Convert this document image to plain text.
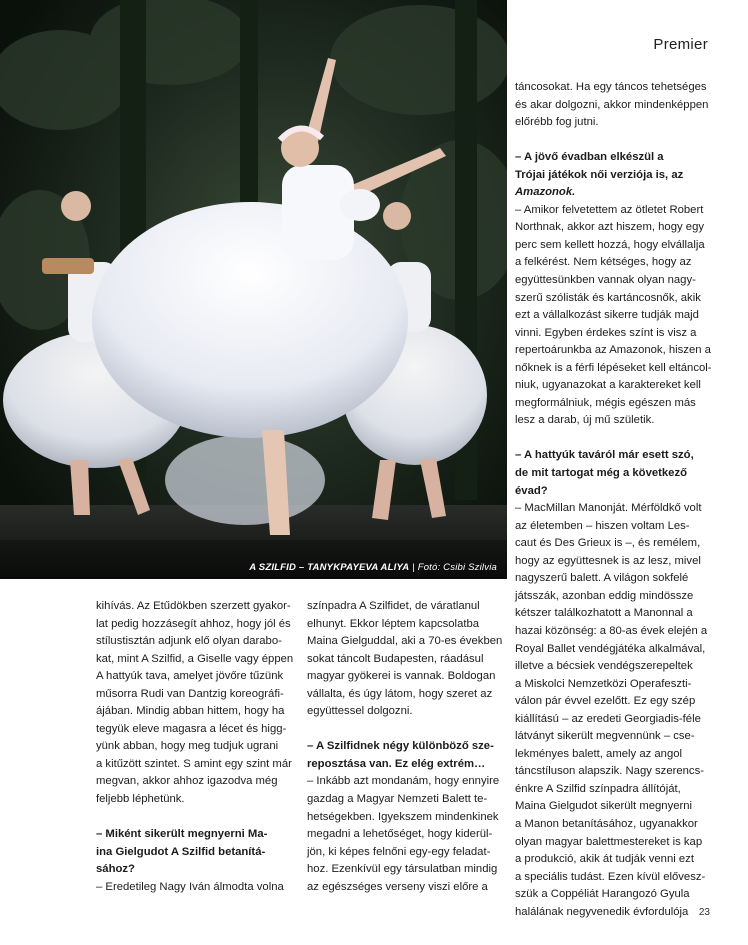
A SZILFID – TANYKPAYEVA ALIYA | Fotó: Csibi Szilvia
Premier

táncosokat. Ha egy táncos tehetséges
és akar dolgozni, akkor mindenképpen
előrébb fog jutni.

– A jövő évadban elkészül a
Trójai játékok női verziója is, az
Amazonok.

– Amikor felvetettem az ötletet Robert
Northnak, akkor azt hiszem, hogy egy
perc sem kellett hozzá, hogy elvállalja
a felkérést. Nem kétséges, hogy az
együttesünkben vannak olyan nagy-
szerű szólisták és kartáncosnők, akik
ezt a vállalkozást sikerre tudják majd
vinni. Egyben érdekes színt is visz a
repertoárunkba az Amazonok, hiszen a
nőknek is a férfi lépéseket kell eltáncol-
niuk, ugyanazokat a karaktereket kell
megformálniuk, mégis egészen más
lesz a darab, új mű születik.

– A hattyúk taváról már esett szó,
de mit tartogat még a következő
évad?

– MacMillan Manonját. Mérföldkő volt
az életemben – hiszen voltam Les-
caut és Des Grieux is –, és remélem,
hogy az együttesnek is az lesz, mivel
nagyszerű balett. A világon sokfelé
játsszák, azonban eddig mindössze
kétszer találkozhatott a Manonnal a
hazai közönség: a 80-as évek elején a
Royal Ballet vendégjátéka alkalmával,
illetve a bécsiek vendégszerepeltek
a Miskolci Nemzetközi Operafeszti-
válon pár évvel ezelőtt. Ez egy szép
kiállítású – az eredeti Georgiadis-féle
látványt sikerült megvennünk – cse-
lekményes balett, amely az angol
táncstíluson alapszik. Nagy szerencs-
énkre A Szilfid színpadra állítóját,
Maina Gielgudot sikerült megnyerni
a Manon betanításához, ugyanakkor
olyan magyar balettmestereket is kap
a produkció, akik át tudják venni ezt
a speciális tudást. Ezen kívül elővesz-
szük a Coppéliát Harangozó Gyula
halálának negyvenedik évfordulója

kihívás. Az Etűdökben szerzett gyakor-
lat pedig hozzásegít ahhoz, hogy jól és
stílustisztán adjunk elő olyan darabo-
kat, mint A Szilfid, a Giselle vagy éppen
A hattyúk tava, amelyet jövőre tűzünk
műsorra Rudi van Dantzig koreográfi-
ájában. Mindig abban hittem, hogy ha
tegyük eleve magasra a lécet és higg-
yünk abban, hogy meg tudjuk ugrani
a kitűzött szintet. S amint egy szint már
megvan, akkor ahhoz igazodva még
feljebb léphetünk.

– Miként sikerült megnyerni Ma-
ina Gielgudot A Szilfid betanítá-
sához?

– Eredetileg Nagy Iván álmodta volna

színpadra A Szilfidet, de váratlanul
elhunyt. Ekkor léptem kapcsolatba
Maina Gielguddal, aki a 70-es években
sokat táncolt Budapesten, ráadásul
magyar gyökerei is vannak. Boldogan
vállalta, és úgy látom, hogy szeret az
együttessel dolgozni.

– A Szilfidnek négy különböző sze-
reposztása van. Ez elég extrém…

– Inkább azt mondanám, hogy ennyire
gazdag a Magyar Nemzeti Balett te-
hetségekben. Igyekszem mindenkinek
megadni a lehetőséget, hogy kiderül-
jön, ki képes felnőni egy-egy feladat-
hoz. Ezenkívül egy társulatban mindig
az egészséges verseny viszi előre a

23
